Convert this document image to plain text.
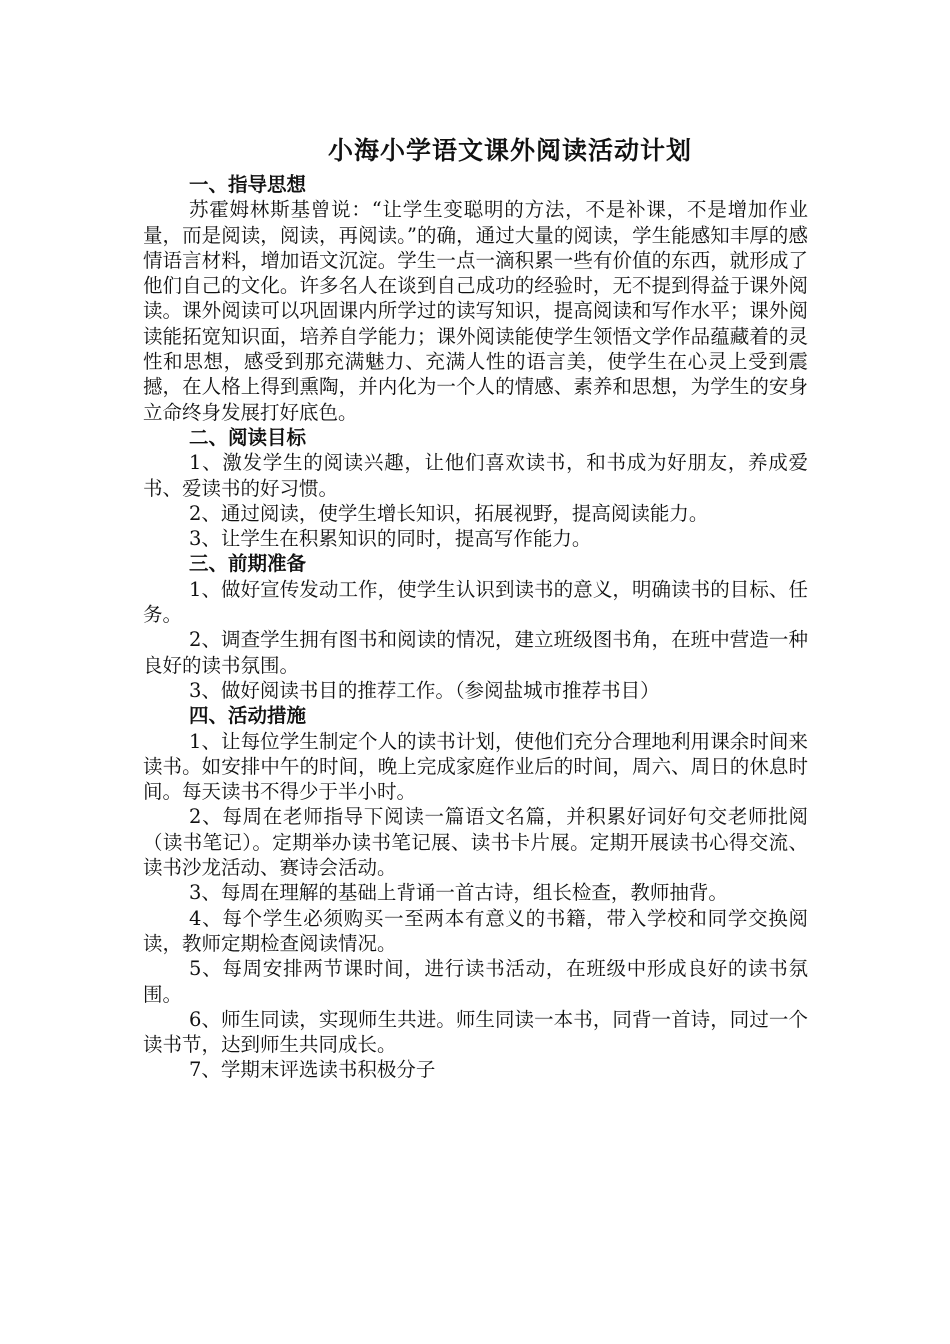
小海小学语文课外阅读活动计划
一、指导思想

苏霍姆林斯基曾说：“让学生变聪明的方法，不是补课，不是增加作业量，而是阅读，阅读，再阅读。”的确，通过大量的阅读，学生能感知丰厚的感情语言材料，增加语文沉淀。学生一点一滴积累一些有价值的东西，就形成了他们自己的文化。许多名人在谈到自己成功的经验时，无不提到得益于课外阅读。课外阅读可以巩固课内所学过的读写知识，提高阅读和写作水平；课外阅读能拓宽知识面，培养自学能力；课外阅读能使学生领悟文学作品蕴藏着的灵性和思想，感受到那充满魅力、充满人性的语言美，使学生在心灵上受到震撼，在人格上得到熏陶，并内化为一个人的情感、素养和思想，为学生的安身立命终身发展打好底色。

二、阅读目标

1、激发学生的阅读兴趣，让他们喜欢读书，和书成为好朋友，养成爱书、爱读书的好习惯。

2、通过阅读，使学生增长知识，拓展视野，提高阅读能力。

3、让学生在积累知识的同时，提高写作能力。

三、前期准备

1、做好宣传发动工作，使学生认识到读书的意义，明确读书的目标、任务。

2、调查学生拥有图书和阅读的情况，建立班级图书角，在班中营造一种良好的读书氛围。

3、做好阅读书目的推荐工作。（参阅盐城市推荐书目）

四、活动措施

1、让每位学生制定个人的读书计划，使他们充分合理地利用课余时间来读书。如安排中午的时间，晚上完成家庭作业后的时间，周六、周日的休息时间。每天读书不得少于半小时。

2、每周在老师指导下阅读一篇语文名篇，并积累好词好句交老师批阅（读书笔记）。定期举办读书笔记展、读书卡片展。定期开展读书心得交流、读书沙龙活动、赛诗会活动。

3、每周在理解的基础上背诵一首古诗，组长检查，教师抽背。

4、每个学生必须购买一至两本有意义的书籍，带入学校和同学交换阅读，教师定期检查阅读情况。

5、每周安排两节课时间，进行读书活动，在班级中形成良好的读书氛围。

6、师生同读，实现师生共进。师生同读一本书，同背一首诗，同过一个读书节，达到师生共同成长。

7、学期末评选读书积极分子
